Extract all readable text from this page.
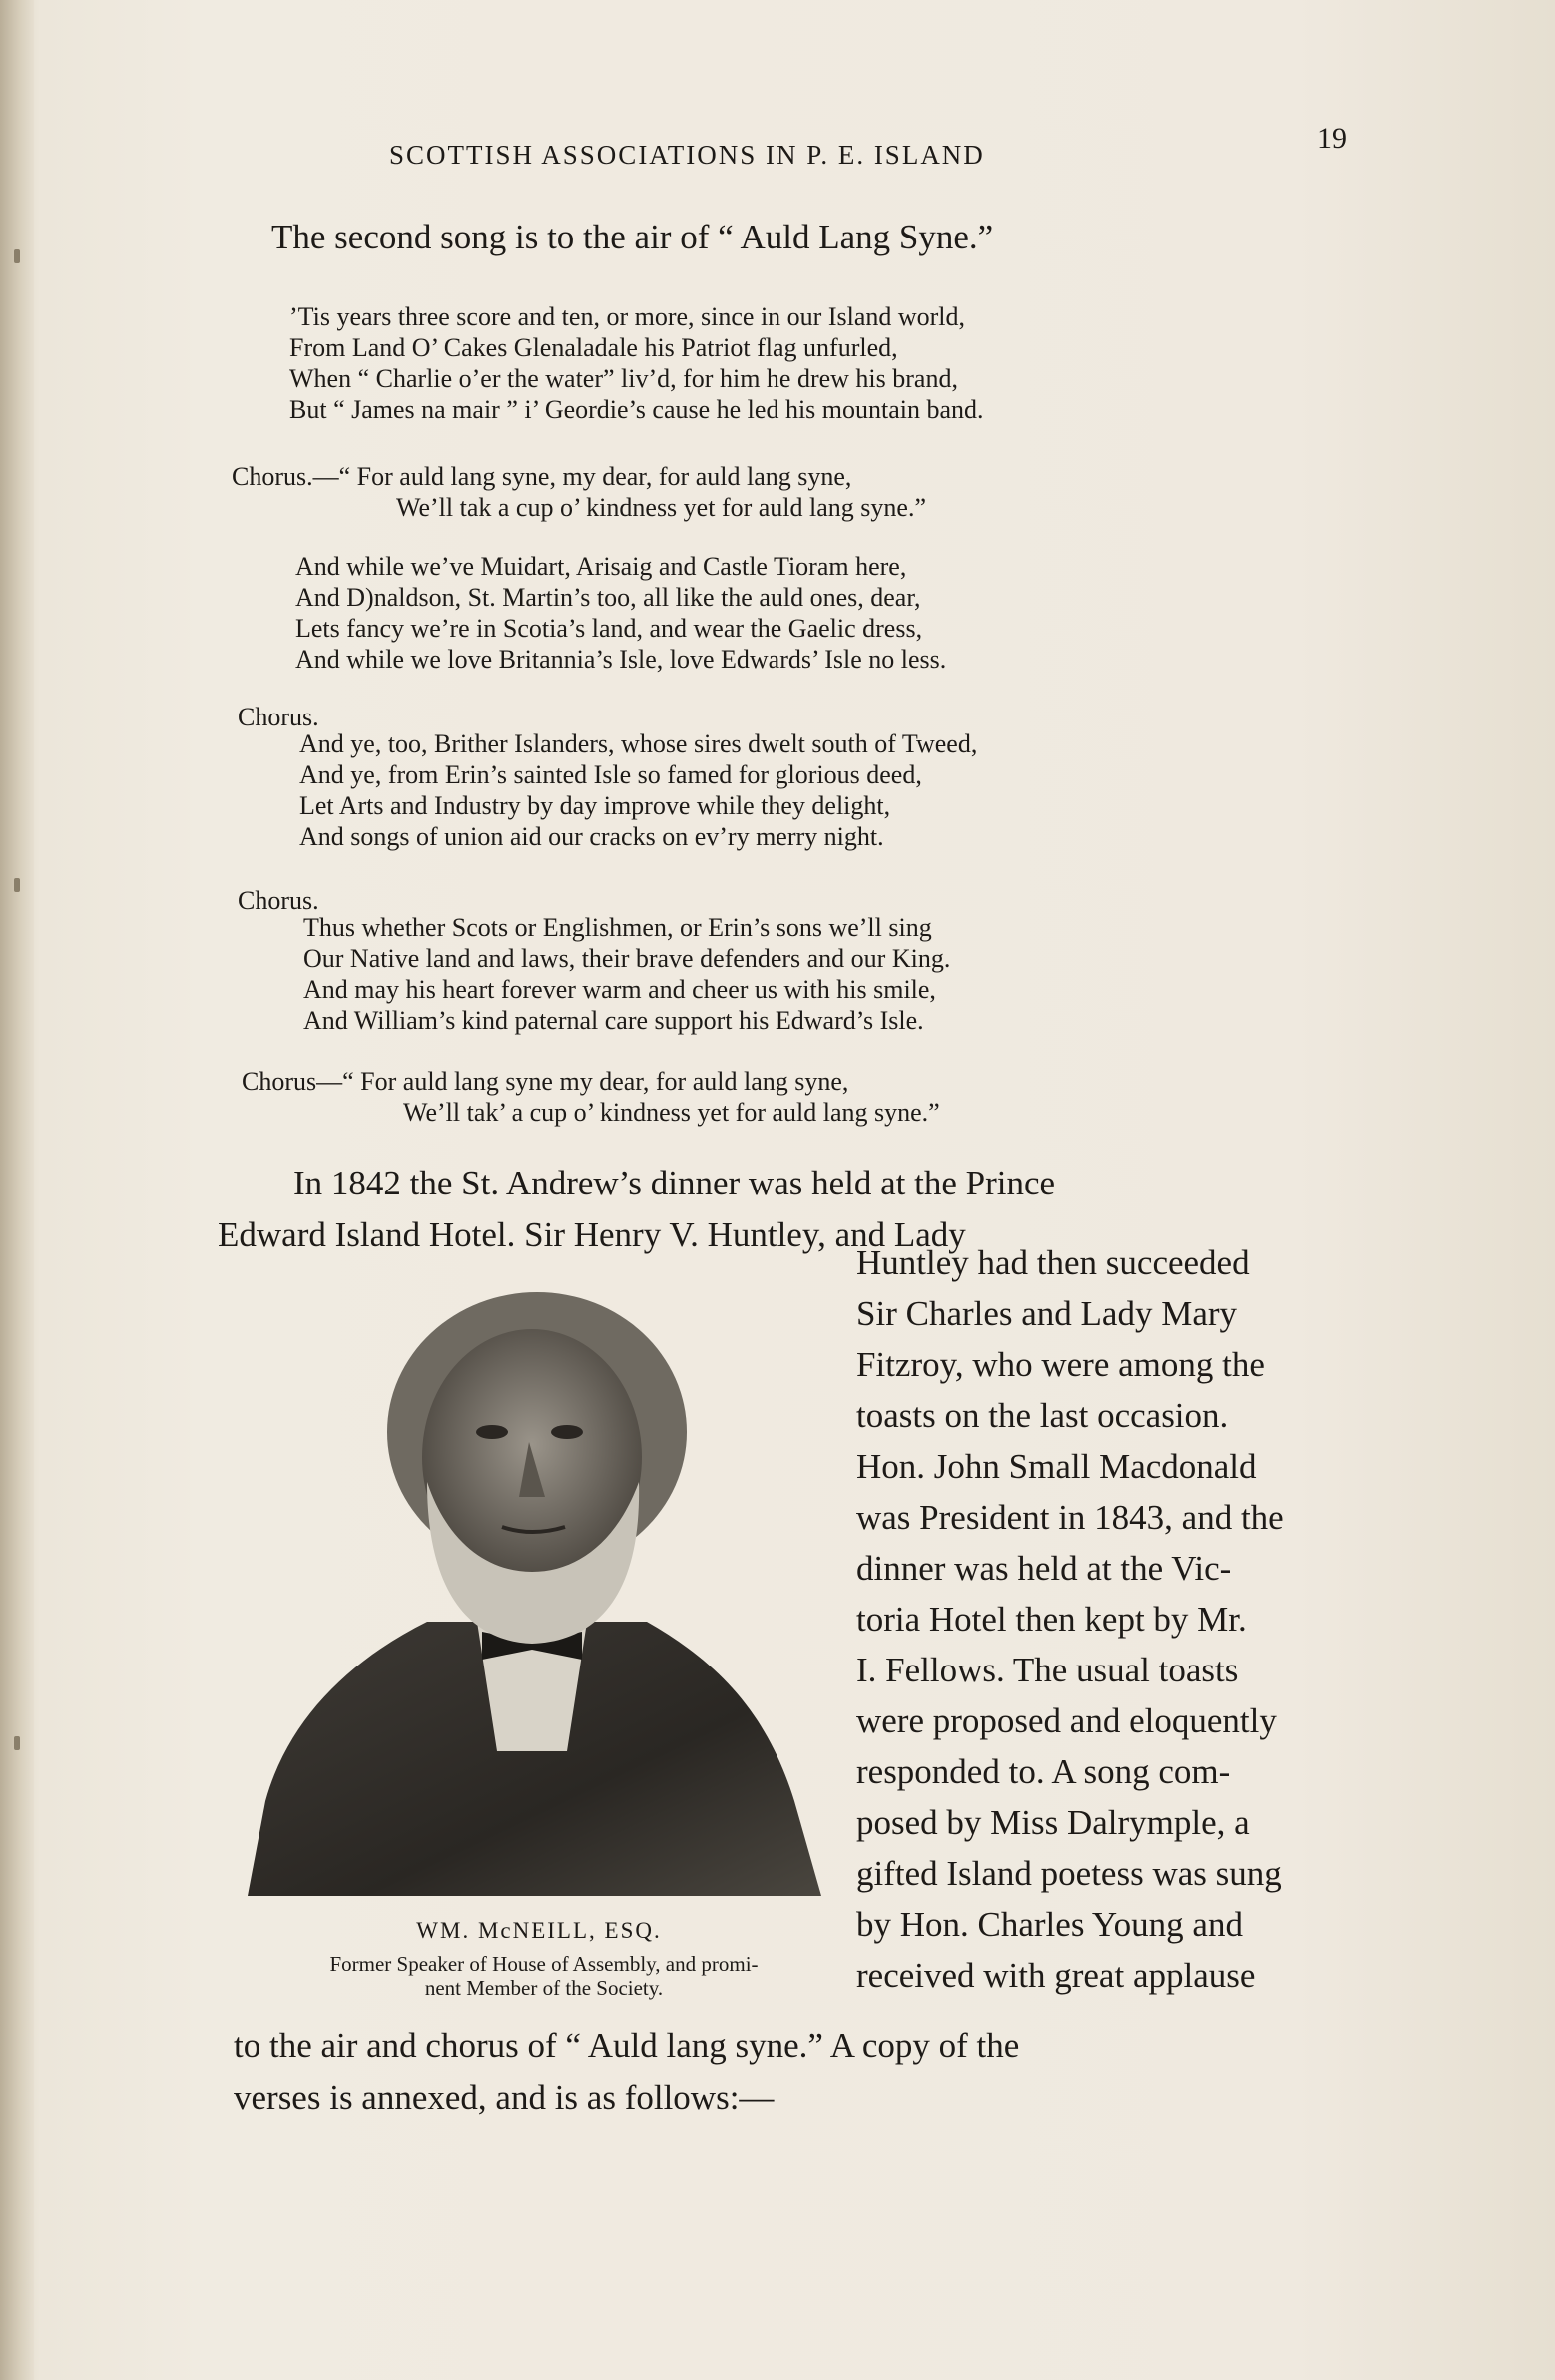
SCOTTISH ASSOCIATIONS IN P. E. ISLAND	19
The second song is to the air of “ Auld Lang Syne.”
’Tis years three score and ten, or more, since in our Island world,
From Land O’ Cakes Glenaladale his Patriot flag unfurled,
When “ Charlie o’er the water” liv’d, for him he drew his brand,
But “ James na mair ” i’ Geordie’s cause he led his mountain band.
Chorus.—“ For auld lang syne, my dear, for auld lang syne,
We’ll tak a cup o’ kindness yet for auld lang syne.”
And while we’ve Muidart, Arisaig and Castle Tioram here,
And D)naldson, St. Martin’s too, all like the auld ones, dear,
Lets fancy we’re in Scotia’s land, and wear the Gaelic dress,
And while we love Britannia’s Isle, love Edwards’ Isle no less.
Chorus.
And ye, too, Brither Islanders, whose sires dwelt south of Tweed,
And ye, from Erin’s sainted Isle so famed for glorious deed,
Let Arts and Industry by day improve while they delight,
And songs of union aid our cracks on ev’ry merry night.
Chorus.
Thus whether Scots or Englishmen, or Erin’s sons we’ll sing
Our Native land and laws, their brave defenders and our King.
And may his heart forever warm and cheer us with his smile,
And William’s kind paternal care support his Edward’s Isle.
Chorus—“ For auld lang syne my dear, for auld lang syne,
We’ll tak’ a cup o’ kindness yet for auld lang syne.”
In 1842 the St. Andrew’s dinner was held at the Prince
Edward Island Hotel. Sir Henry V. Huntley, and Lady
Huntley had then succeeded
Sir Charles and Lady Mary
Fitzroy, who were among the
toasts on the last occasion.
Hon. John Small Macdonald
was President in 1843, and the
dinner was held at the Vic-
toria Hotel then kept by Mr.
I. Fellows. The usual toasts
were proposed and eloquently
responded to. A song com-
posed by Miss Dalrymple, a
gifted Island poetess was sung
by Hon. Charles Young and
received with great applause
to the air and chorus of “ Auld lang syne.” A copy of the
verses is annexed, and is as follows:—
WM. McNEILL, ESQ.
Former Speaker of House of Assembly, and promi-
nent Member of the Society.
